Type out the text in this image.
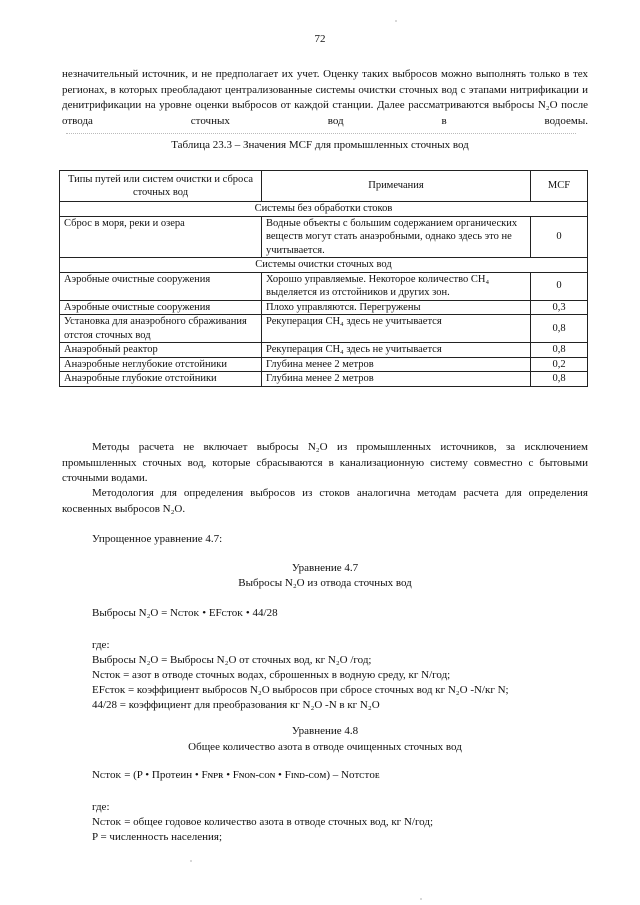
72

незначительный источник, и не предполагает их учет. Оценку таких выбросов можно выполнять только в тех регионах, в которых преобладают централизованные системы очистки сточных вод с этапами нитрификации и денитрификации на уровне оценки выбросов от каждой станции. Далее рассматриваются выбросы N₂O после отвода сточных вод в водоемы.

Таблица 23.3 – Значения MCF для промышленных сточных вод
Типы путей или систем очистки и сброса сточных вод	Примечания	MCF
Системы без обработки стоков		
Сброс в моря, реки и озера	Водные объекты с большим содержанием органических веществ могут стать анаэробными, однако здесь это не учитывается.	0
Системы очистки сточных вод		
Аэробные очистные сооружения	Хорошо управляемые. Некоторое количество CH₄ выделяется из отстойников и других зон.	0
Аэробные очистные сооружения	Плохо управляются. Перегружены	0,3
Установка для анаэробного сбраживания отстоя сточных вод	Рекуперация CH₄ здесь не учитывается	0,8
Анаэробный реактор	Рекуперация CH₄ здесь не учитывается	0,8
Анаэробные неглубокие отстойники	Глубина менее 2 метров	0,2
Анаэробные глубокие отстойники	Глубина менее 2 метров	0,8

Методы расчета не включает выбросы N₂O из промышленных источников, за исключением промышленных сточных вод, которые сбрасываются в канализационную систему совместно с бытовыми сточными водами.

Методология для определения выбросов из стоков аналогична методам расчета для определения косвенных выбросов N₂O.

Упрощенное уравнение 4.7:

Уравнение 4.7

Выбросы N₂O из отвода сточных вод

Выбросы N₂O = Nᴄᴛᴏᴋ • EFᴄᴛᴏᴋ • 44/28

где:

Выбросы N₂O = Выбросы N₂O от сточных вод, кг N₂O /год;

Nсток = азот в отводе сточных водах, сброшенных в водную среду, кг N/год;

EFсток = коэффициент выбросов N₂O выбросов при сбросе сточных вод кг N₂O -N/кг N;

44/28 = коэффициент для преобразования кг N₂O -N в кг N₂O

Уравнение 4.8

Общее количество азота в отводе очищенных сточных вод

Nᴄᴛᴏᴋ = (P • Протеин • Fɴᴘʀ • Fɴᴏɴ-ᴄᴏɴ • Fɪɴᴅ-ᴄᴏᴍ) – Nᴏᴛᴄᴛᴏᴇ

где:

Nᴄᴛᴏᴋ = общее годовое количество азота в отводе сточных вод, кг N/год;

P = численность населения;
